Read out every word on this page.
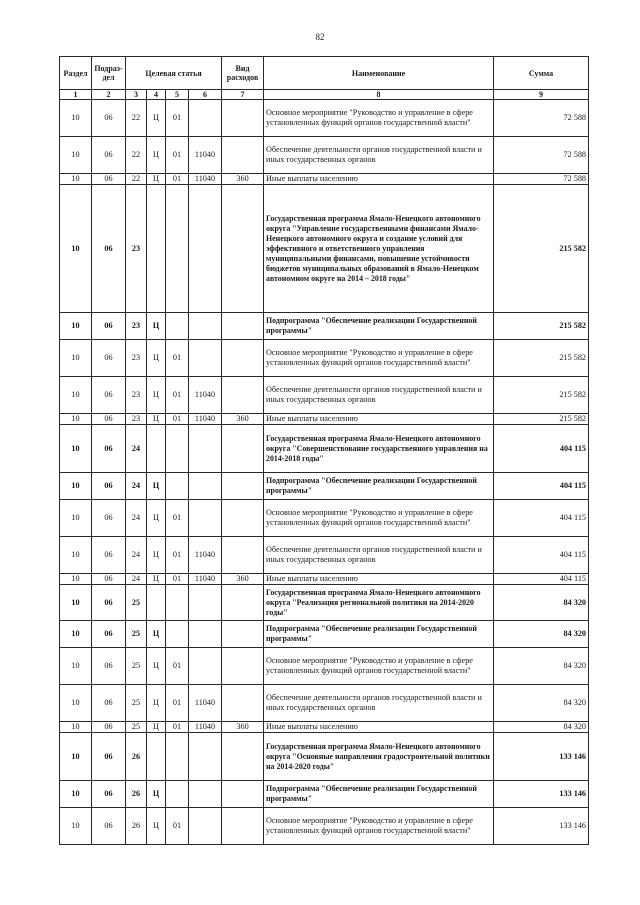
82
Раздел	Подраз-дел	Целевая статья				Вид расходов	Наименование	Сумма
1	2	3	4	5	6	7	8	9
10	06	22	Ц	01			Основное мероприятие "Руководство и управление в сфере установленных функций органов государственной власти"	72 588
10	06	22	Ц	01	11040		Обеспечение деятельности органов государственной власти и иных государственных органов	72 588
10	06	22	Ц	01	11040	360	Иные выплаты населению	72 588
10	06	23					Государственная программа Ямало-Ненецкого автономного округа "Управление государственными финансами Ямало-Ненецкого автономного округа и создание условий для эффективного и ответственного управления муниципальными финансами, повышение устойчивости бюджетов муниципальных образований в Ямало-Ненецком автономном округе на 2014 – 2018 годы"	215 582
10	06	23	Ц				Подпрограмма "Обеспечение реализации Государственной программы"	215 582
10	06	23	Ц	01			Основное мероприятие "Руководство и управление в сфере установленных функций органов государственной власти"	215 582
10	06	23	Ц	01	11040		Обеспечение деятельности органов государственной власти и иных государственных органов	215 582
10	06	23	Ц	01	11040	360	Иные выплаты населению	215 582
10	06	24					Государственная программа Ямало-Ненецкого автономного округа "Совершенствование государственного управления на 2014-2018 годы"	404 115
10	06	24	Ц				Подпрограмма "Обеспечение реализации Государственной программы"	404 115
10	06	24	Ц	01			Основное мероприятие "Руководство и управление в сфере установленных функций органов государственной власти"	404 115
10	06	24	Ц	01	11040		Обеспечение деятельности органов государственной власти и иных государственных органов	404 115
10	06	24	Ц	01	11040	360	Иные выплаты населению	404 115
10	06	25					Государственная программа Ямало-Ненецкого автономного округа "Реализация региональной политики на 2014-2020 годы"	84 320
10	06	25	Ц				Подпрограмма "Обеспечение реализации Государственной программы"	84 320
10	06	25	Ц	01			Основное мероприятие "Руководство и управление в сфере установленных функций органов государственной власти"	84 320
10	06	25	Ц	01	11040		Обеспечение деятельности органов государственной власти и иных государственных органов	84 320
10	06	25	Ц	01	11040	360	Иные выплаты населению	84 320
10	06	26					Государственная программа Ямало-Ненецкого автономного округа "Основные направления градостроительной политики на 2014-2020 годы"	133 146
10	06	26	Ц				Подпрограмма "Обеспечение реализации Государственной программы"	133 146
10	06	26	Ц	01			Основное мероприятие "Руководство и управление в сфере установленных функций органов государственной власти"	133 146
